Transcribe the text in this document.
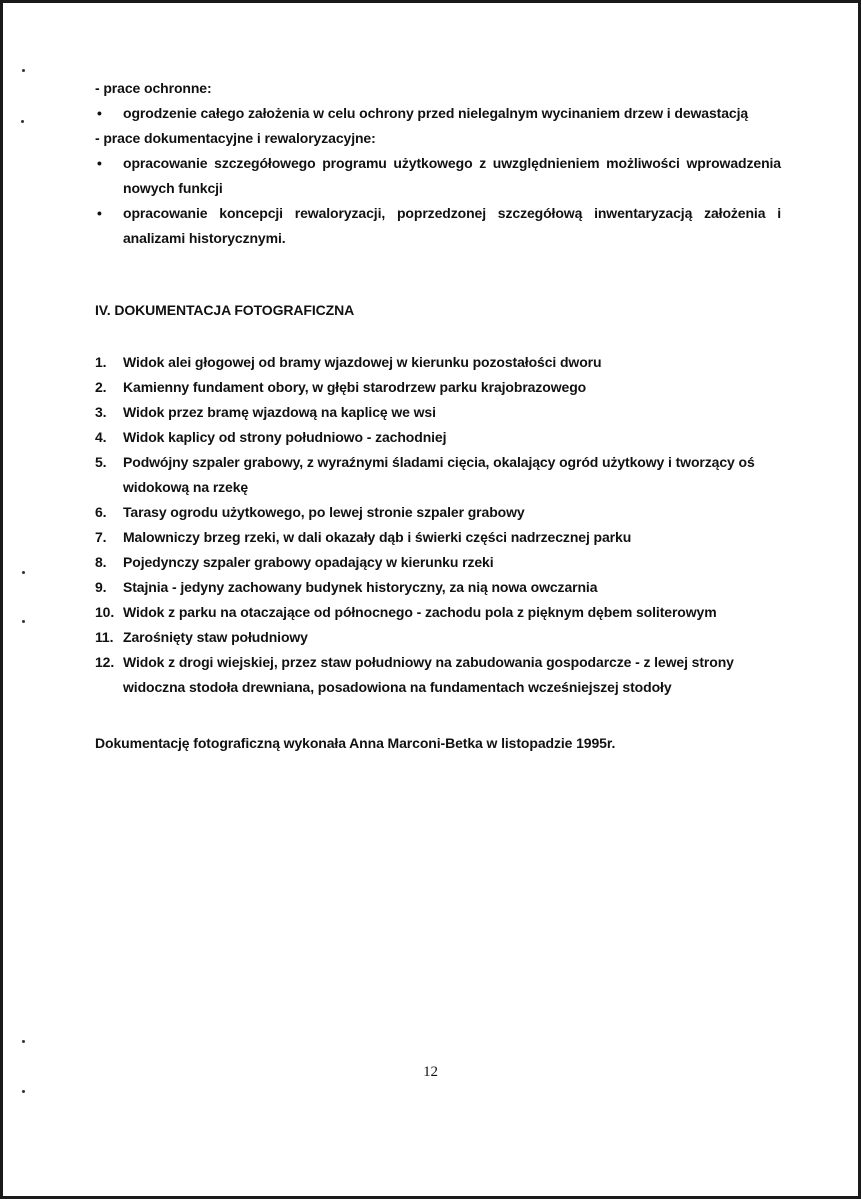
- prace ochronne:

• ogrodzenie całego założenia w celu ochrony przed nielegalnym wycinaniem drzew i dewastacją

- prace dokumentacyjne i rewaloryzacyjne:

• opracowanie szczegółowego programu użytkowego z uwzględnieniem możliwości wprowadzenia nowych funkcji
• opracowanie koncepcji rewaloryzacji, poprzedzonej szczegółową inwentaryzacją założenia i analizami historycznymi.

IV. DOKUMENTACJA FOTOGRAFICZNA

1. Widok alei głogowej od bramy wjazdowej w kierunku pozostałości dworu
2. Kamienny fundament obory, w głębi starodrzew parku krajobrazowego
3. Widok przez bramę wjazdową na kaplicę we wsi
4. Widok kaplicy od strony południowo - zachodniej
5. Podwójny szpaler grabowy, z wyraźnymi śladami cięcia, okalający ogród użytkowy i tworzący oś widokową na rzekę
6. Tarasy ogrodu użytkowego, po lewej stronie szpaler grabowy
7. Malowniczy brzeg rzeki, w dali okazały dąb i świerki części nadrzecznej parku
8. Pojedynczy szpaler grabowy opadający w kierunku rzeki
9. Stajnia - jedyny zachowany budynek historyczny, za nią nowa owczarnia
10. Widok z parku na otaczające od północnego - zachodu pola z pięknym dębem soliterowym
11. Zarośnięty staw południowy
12. Widok z drogi wiejskiej, przez staw południowy na zabudowania gospodarcze - z lewej strony widoczna stodoła drewniana, posadowiona na fundamentach wcześniejszej stodoły

Dokumentację fotograficzną wykonała Anna Marconi-Betka w listopadzie 1995r.

12
